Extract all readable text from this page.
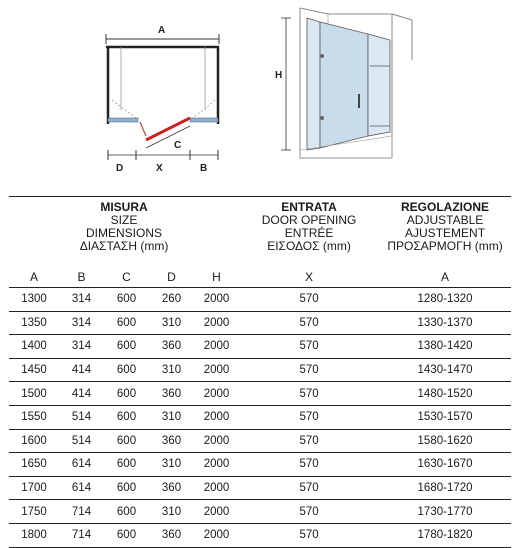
A
C
D	X	B
H
MISURA
SIZE
DIMENSIONS
ΔΙΑΣΤΑΣΗ (mm)					ENTRATA
DOOR OPENING
ENTRÉE
ΕΙΣΟΔΟΣ (mm)	REGOLAZIONE
ADJUSTABLE
AJUSTEMENT
ΠΡΟΣΑΡΜΟΓΗ (mm)

A	B	C	D	H	X	A
1300	314	600	260	2000	570	1280-1320
1350	314	600	310	2000	570	1330-1370
1400	314	600	360	2000	570	1380-1420
1450	414	600	310	2000	570	1430-1470
1500	414	600	360	2000	570	1480-1520
1550	514	600	310	2000	570	1530-1570
1600	514	600	360	2000	570	1580-1620
1650	614	600	310	2000	570	1630-1670
1700	614	600	360	2000	570	1680-1720
1750	714	600	310	2000	570	1730-1770
1800	714	600	360	2000	570	1780-1820
